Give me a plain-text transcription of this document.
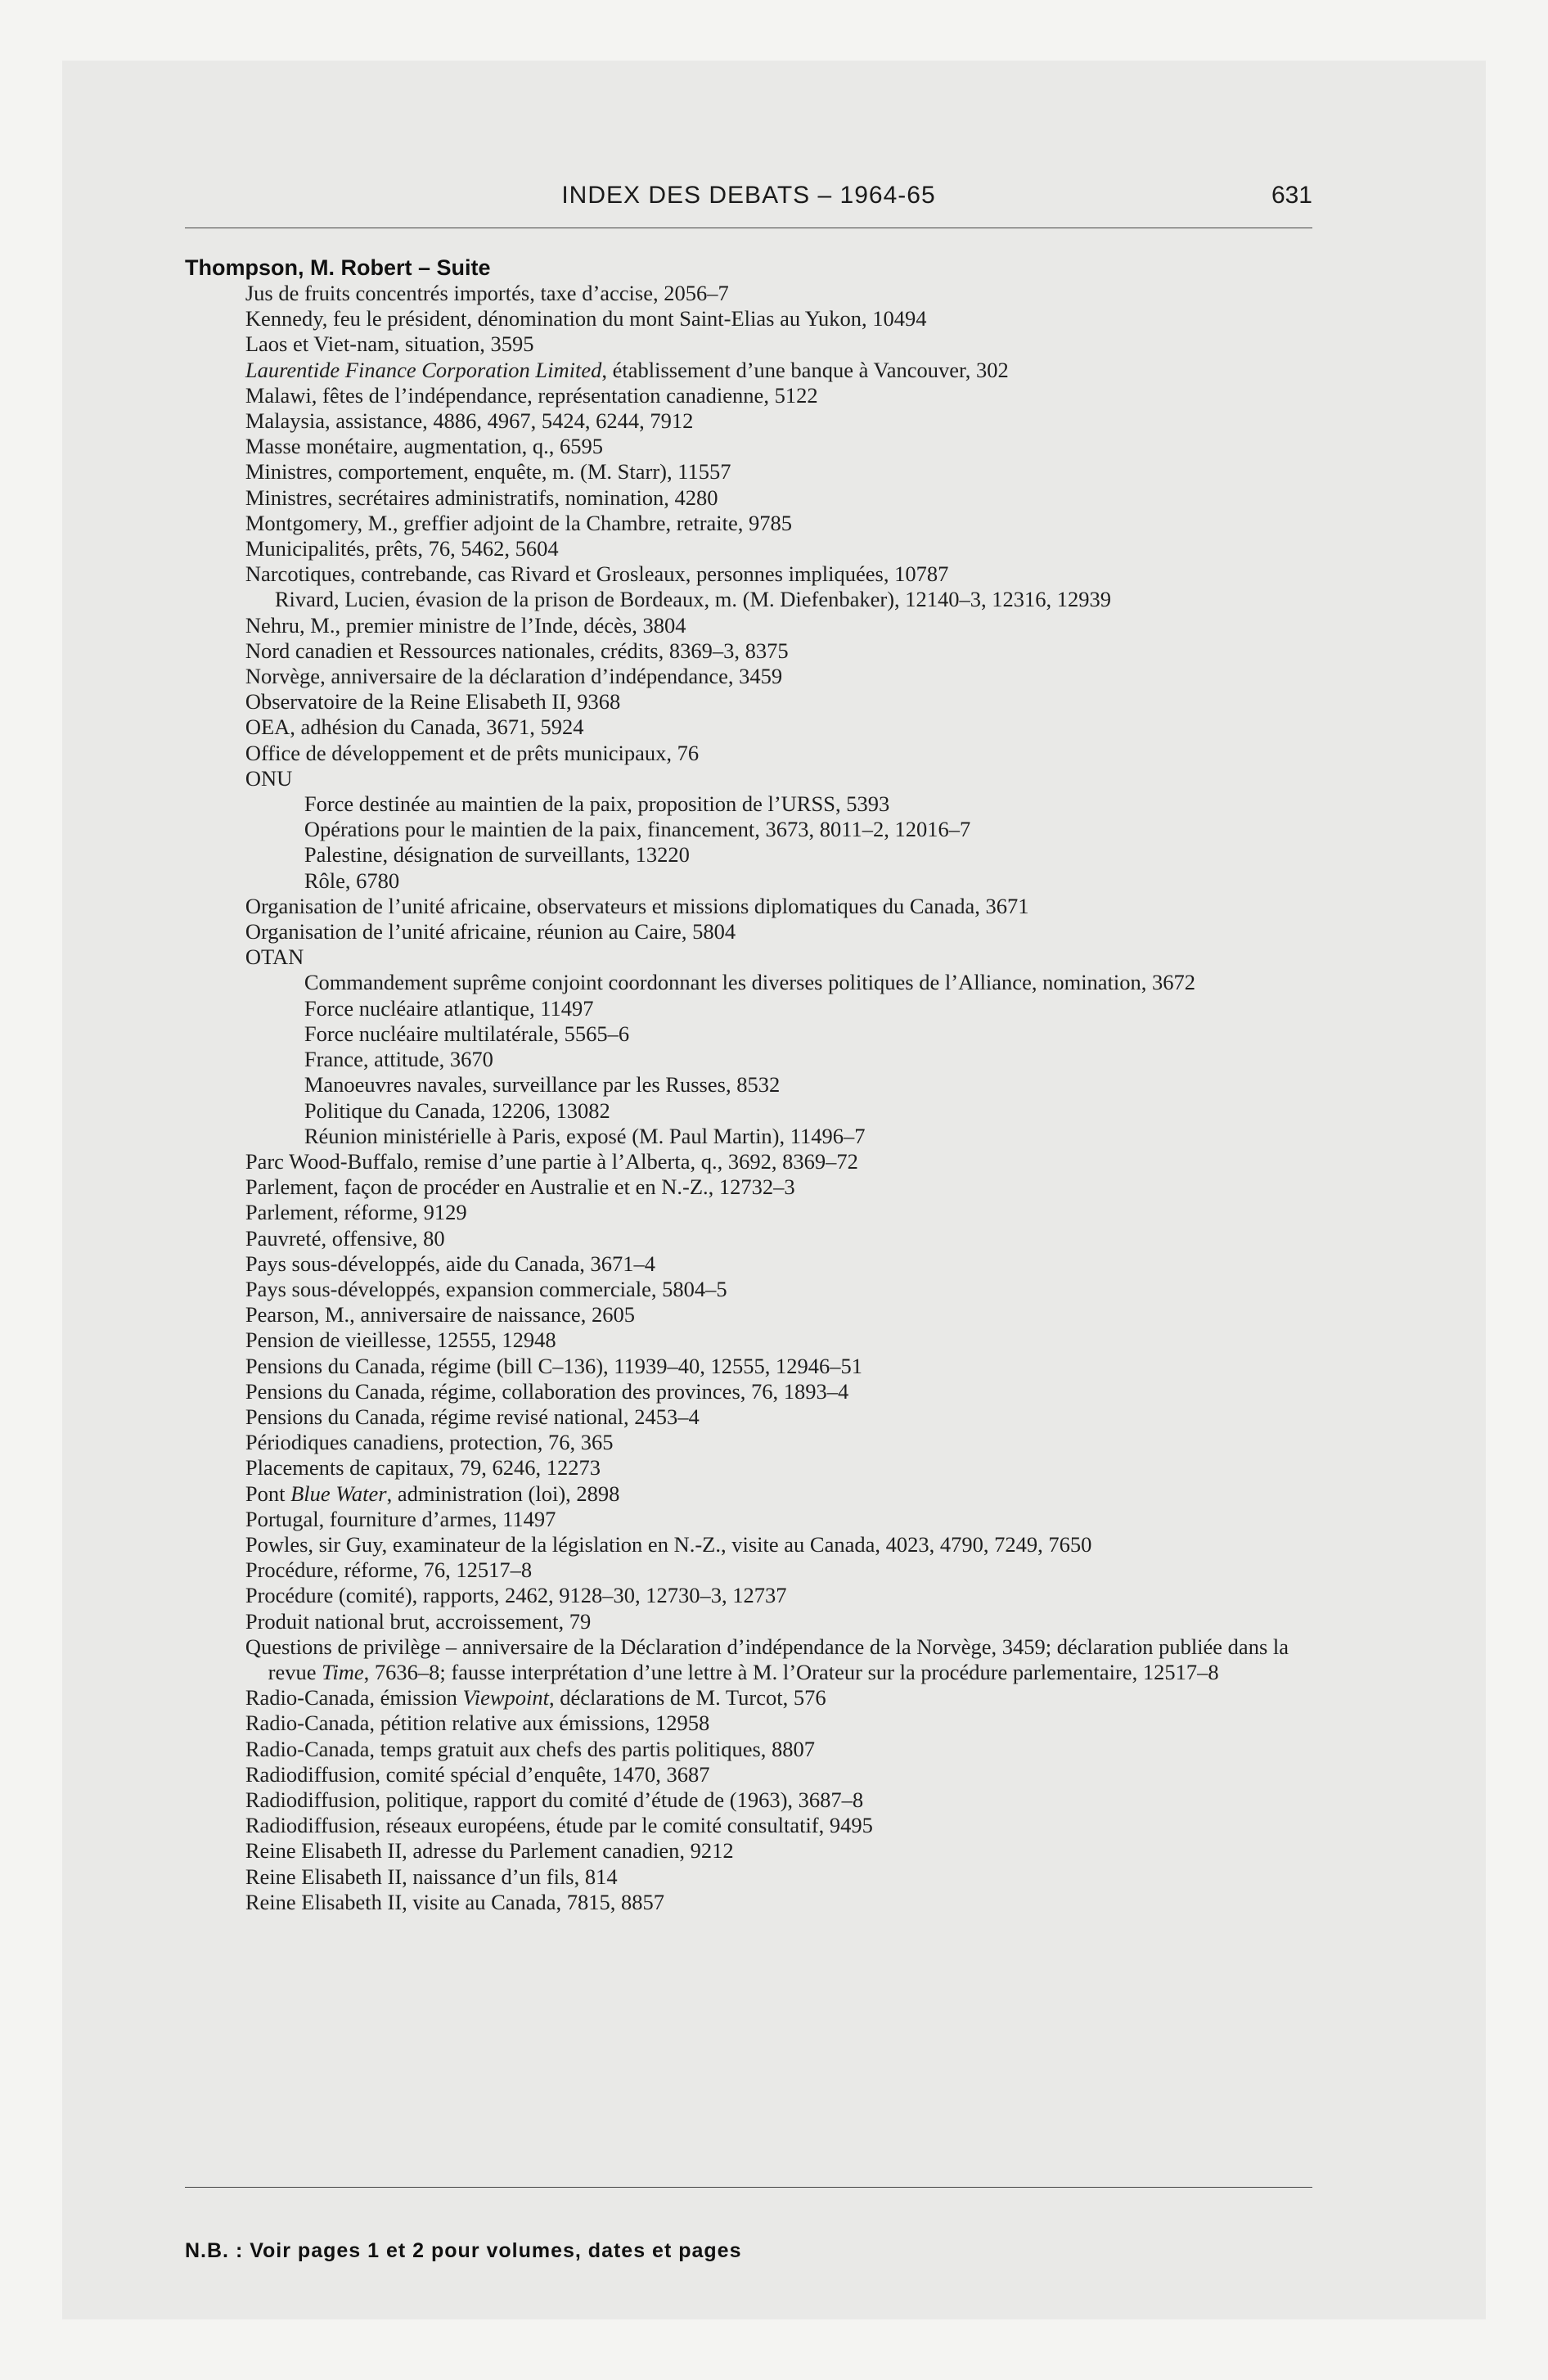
INDEX DES DEBATS – 1964-65	631
Thompson, M. Robert – Suite
Jus de fruits concentrés importés, taxe d’accise, 2056–7
Kennedy, feu le président, dénomination du mont Saint-Elias au Yukon, 10494
Laos et Viet-nam, situation, 3595
Laurentide Finance Corporation Limited, établissement d’une banque à Vancouver, 302
Malawi, fêtes de l’indépendance, représentation canadienne, 5122
Malaysia, assistance, 4886, 4967, 5424, 6244, 7912
Masse monétaire, augmentation, q., 6595
Ministres, comportement, enquête, m. (M. Starr), 11557
Ministres, secrétaires administratifs, nomination, 4280
Montgomery, M., greffier adjoint de la Chambre, retraite, 9785
Municipalités, prêts, 76, 5462, 5604
Narcotiques, contrebande, cas Rivard et Grosleaux, personnes impliquées, 10787
Rivard, Lucien, évasion de la prison de Bordeaux, m. (M. Diefenbaker), 12140–3, 12316, 12939
Nehru, M., premier ministre de l’Inde, décès, 3804
Nord canadien et Ressources nationales, crédits, 8369–3, 8375
Norvège, anniversaire de la déclaration d’indépendance, 3459
Observatoire de la Reine Elisabeth II, 9368
OEA, adhésion du Canada, 3671, 5924
Office de développement et de prêts municipaux, 76
ONU
Force destinée au maintien de la paix, proposition de l’URSS, 5393
Opérations pour le maintien de la paix, financement, 3673, 8011–2, 12016–7
Palestine, désignation de surveillants, 13220
Rôle, 6780
Organisation de l’unité africaine, observateurs et missions diplomatiques du Canada, 3671
Organisation de l’unité africaine, réunion au Caire, 5804
OTAN
Commandement suprême conjoint coordonnant les diverses politiques de l’Alliance, nomination, 3672
Force nucléaire atlantique, 11497
Force nucléaire multilatérale, 5565–6
France, attitude, 3670
Manoeuvres navales, surveillance par les Russes, 8532
Politique du Canada, 12206, 13082
Réunion ministérielle à Paris, exposé (M. Paul Martin), 11496–7
Parc Wood-Buffalo, remise d’une partie à l’Alberta, q., 3692, 8369–72
Parlement, façon de procéder en Australie et en N.-Z., 12732–3
Parlement, réforme, 9129
Pauvreté, offensive, 80
Pays sous-développés, aide du Canada, 3671–4
Pays sous-développés, expansion commerciale, 5804–5
Pearson, M., anniversaire de naissance, 2605
Pension de vieillesse, 12555, 12948
Pensions du Canada, régime (bill C–136), 11939–40, 12555, 12946–51
Pensions du Canada, régime, collaboration des provinces, 76, 1893–4
Pensions du Canada, régime revisé national, 2453–4
Périodiques canadiens, protection, 76, 365
Placements de capitaux, 79, 6246, 12273
Pont Blue Water, administration (loi), 2898
Portugal, fourniture d’armes, 11497
Powles, sir Guy, examinateur de la législation en N.-Z., visite au Canada, 4023, 4790, 7249, 7650
Procédure, réforme, 76, 12517–8
Procédure (comité), rapports, 2462, 9128–30, 12730–3, 12737
Produit national brut, accroissement, 79
Questions de privilège – anniversaire de la Déclaration d’indépendance de la Norvège, 3459; déclaration publiée dans la revue Time, 7636–8; fausse interprétation d’une lettre à M. l’Orateur sur la procédure parlementaire, 12517–8
Radio-Canada, émission Viewpoint, déclarations de M. Turcot, 576
Radio-Canada, pétition relative aux émissions, 12958
Radio-Canada, temps gratuit aux chefs des partis politiques, 8807
Radiodiffusion, comité spécial d’enquête, 1470, 3687
Radiodiffusion, politique, rapport du comité d’étude de (1963), 3687–8
Radiodiffusion, réseaux européens, étude par le comité consultatif, 9495
Reine Elisabeth II, adresse du Parlement canadien, 9212
Reine Elisabeth II, naissance d’un fils, 814
Reine Elisabeth II, visite au Canada, 7815, 8857
N.B. : Voir pages 1 et 2 pour volumes, dates et pages
